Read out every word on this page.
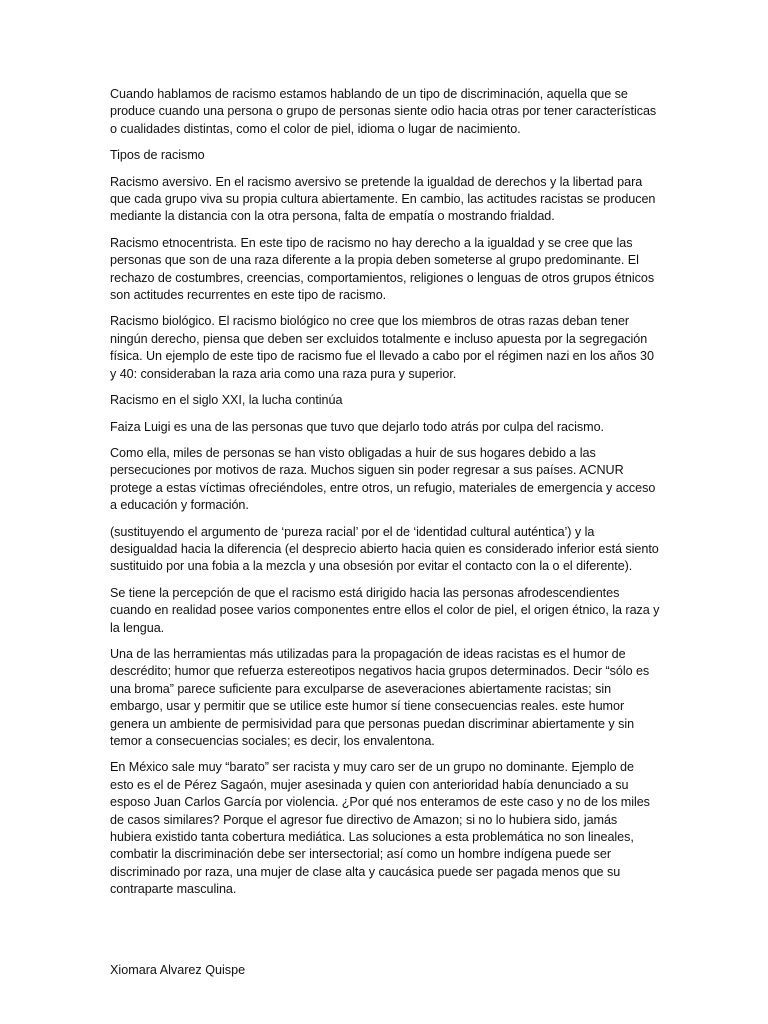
Cuando hablamos de racismo estamos hablando de un tipo de discriminación, aquella que se produce cuando una persona o grupo de personas siente odio hacia otras por tener características o cualidades distintas, como el color de piel, idioma o lugar de nacimiento.

Tipos de racismo

Racismo aversivo. En el racismo aversivo se pretende la igualdad de derechos y la libertad para que cada grupo viva su propia cultura abiertamente. En cambio, las actitudes racistas se producen mediante la distancia con la otra persona, falta de empatía o mostrando frialdad.

Racismo etnocentrista. En este tipo de racismo no hay derecho a la igualdad y se cree que las personas que son de una raza diferente a la propia deben someterse al grupo predominante. El rechazo de costumbres, creencias, comportamientos, religiones o lenguas de otros grupos étnicos son actitudes recurrentes en este tipo de racismo.

Racismo biológico. El racismo biológico no cree que los miembros de otras razas deban tener ningún derecho, piensa que deben ser excluidos totalmente e incluso apuesta por la segregación física. Un ejemplo de este tipo de racismo fue el llevado a cabo por el régimen nazi en los años 30 y 40: consideraban la raza aria como una raza pura y superior.

Racismo en el siglo XXI, la lucha continúa

Faiza Luigi es una de las personas que tuvo que dejarlo todo atrás por culpa del racismo.

Como ella, miles de personas se han visto obligadas a huir de sus hogares debido a las persecuciones por motivos de raza. Muchos siguen sin poder regresar a sus países. ACNUR protege a estas víctimas ofreciéndoles, entre otros, un refugio, materiales de emergencia y acceso a educación y formación.

(sustituyendo el argumento de ‘pureza racial’ por el de ‘identidad cultural auténtica’) y la desigualdad hacia la diferencia (el desprecio abierto hacia quien es considerado inferior está siento sustituido por una fobia a la mezcla y una obsesión por evitar el contacto con la o el diferente).

Se tiene la percepción de que el racismo está dirigido hacia las personas afrodescendientes cuando en realidad posee varios componentes entre ellos el color de piel, el origen étnico, la raza y la lengua.

Una de las herramientas más utilizadas para la propagación de ideas racistas es el humor de descrédito; humor que refuerza estereotipos negativos hacia grupos determinados. Decir “sólo es una broma” parece suficiente para exculparse de aseveraciones abiertamente racistas; sin embargo, usar y permitir que se utilice este humor sí tiene consecuencias reales. este humor genera un ambiente de permisividad para que personas puedan discriminar abiertamente y sin temor a consecuencias sociales; es decir, los envalentona.

En México sale muy “barato” ser racista y muy caro ser de un grupo no dominante. Ejemplo de esto es el de Pérez Sagaón, mujer asesinada y quien con anterioridad había denunciado a su esposo Juan Carlos García por violencia. ¿Por qué nos enteramos de este caso y no de los miles de casos similares? Porque el agresor fue directivo de Amazon; si no lo hubiera sido, jamás hubiera existido tanta cobertura mediática. Las soluciones a esta problemática no son lineales, combatir la discriminación debe ser intersectorial; así como un hombre indígena puede ser discriminado por raza, una mujer de clase alta y caucásica puede ser pagada menos que su contraparte masculina.

Xiomara Alvarez Quispe
